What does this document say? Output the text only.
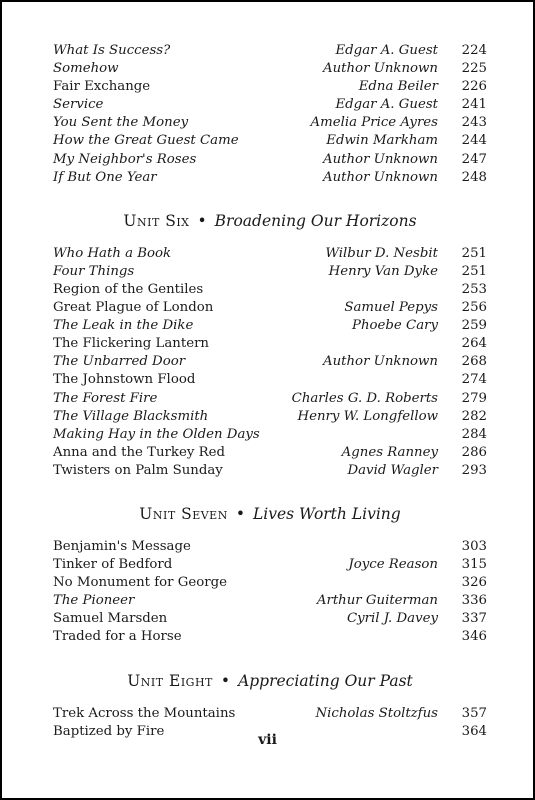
What Is Success?	Edgar A. Guest 224
Somehow	Author Unknown 225
Fair Exchange	Edna Beiler 226
Service	Edgar A. Guest 241
You Sent the Money	Amelia Price Ayres 243
How the Great Guest Came	Edwin Markham 244
My Neighbor's Roses	Author Unknown 247
If But One Year	Author Unknown 248
Unit Six • Broadening Our Horizons
Who Hath a Book	Wilbur D. Nesbit 251
Four Things	Henry Van Dyke 251
Region of the Gentiles	253
Great Plague of London	Samuel Pepys 256
The Leak in the Dike	Phoebe Cary 259
The Flickering Lantern	264
The Unbarred Door	Author Unknown 268
The Johnstown Flood	274
The Forest Fire	Charles G. D. Roberts 279
The Village Blacksmith	Henry W. Longfellow 282
Making Hay in the Olden Days	284
Anna and the Turkey Red	Agnes Ranney 286
Twisters on Palm Sunday	David Wagler 293
Unit Seven • Lives Worth Living
Benjamin's Message	303
Tinker of Bedford	Joyce Reason 315
No Monument for George	326
The Pioneer	Arthur Guiterman 336
Samuel Marsden	Cyril J. Davey 337
Traded for a Horse	346
Unit Eight • Appreciating Our Past
Trek Across the Mountains	Nicholas Stoltzfus 357
Baptized by Fire	364
vii
